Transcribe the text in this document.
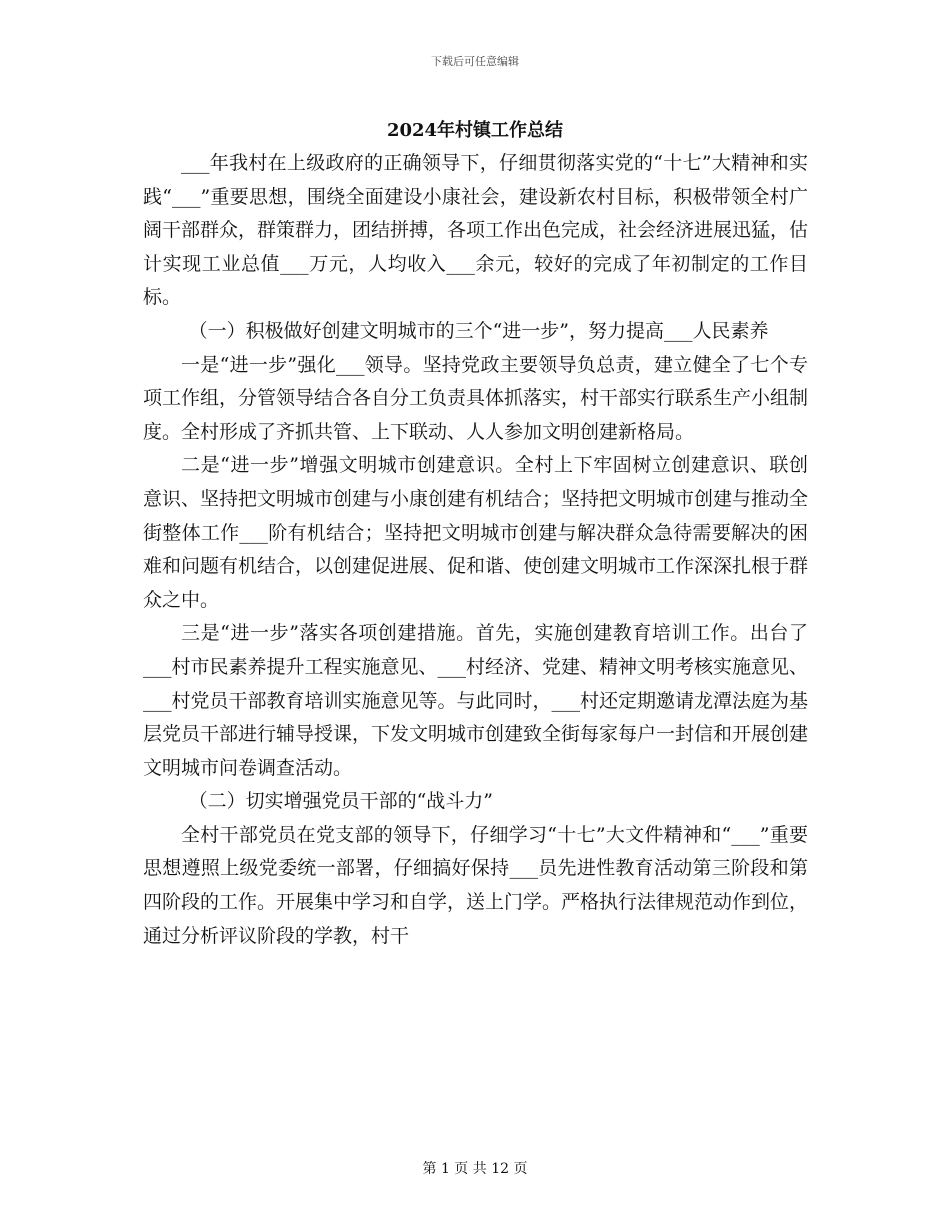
下载后可任意编辑
2024年村镇工作总结

___年我村在上级政府的正确领导下，仔细贯彻落实党的“十七”大精神和实践“___”重要思想，围绕全面建设小康社会，建设新农村目标，积极带领全村广阔干部群众，群策群力，团结拼搏，各项工作出色完成，社会经济进展迅猛，估计实现工业总值___万元，人均收入___余元，较好的完成了年初制定的工作目标。

（一）积极做好创建文明城市的三个“进一步”，努力提高___人民素养

一是“进一步”强化___领导。坚持党政主要领导负总责，建立健全了七个专项工作组，分管领导结合各自分工负责具体抓落实，村干部实行联系生产小组制度。全村形成了齐抓共管、上下联动、人人参加文明创建新格局。

二是“进一步”增强文明城市创建意识。全村上下牢固树立创建意识、联创意识、坚持把文明城市创建与小康创建有机结合；坚持把文明城市创建与推动全街整体工作___阶有机结合；坚持把文明城市创建与解决群众急待需要解决的困难和问题有机结合，以创建促进展、促和谐、使创建文明城市工作深深扎根于群众之中。

三是“进一步”落实各项创建措施。首先，实施创建教育培训工作。出台了___村市民素养提升工程实施意见、___村经济、党建、精神文明考核实施意见、___村党员干部教育培训实施意见等。与此同时，___村还定期邀请龙潭法庭为基层党员干部进行辅导授课，下发文明城市创建致全街每家每户一封信和开展创建文明城市问卷调查活动。

（二）切实增强党员干部的“战斗力”

全村干部党员在党支部的领导下，仔细学习“十七”大文件精神和“___”重要思想遵照上级党委统一部署，仔细搞好保持___员先进性教育活动第三阶段和第四阶段的工作。开展集中学习和自学，送上门学。严格执行法律规范动作到位，通过分析评议阶段的学教，村干

第 1 页 共 12 页
